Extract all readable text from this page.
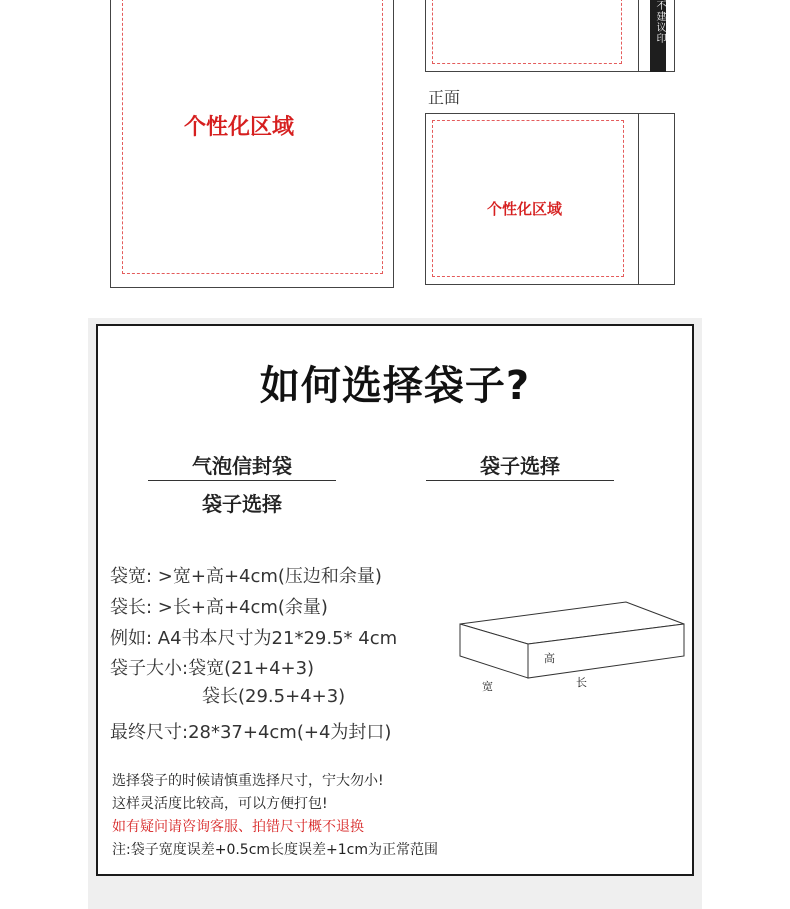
个性化区域
不建议印
正面
个性化区域
如何选择袋子?
气泡信封袋
袋子选择
袋子选择
袋宽: >宽+高+4cm(压边和余量)
袋长: >长+高+4cm(余量)
例如: A4书本尺寸为21*29.5* 4cm
袋子大小:袋宽(21+4+3)
袋长(29.5+4+3)
最终尺寸:28*37+4cm(+4为封口)
高
宽	长
选择袋子的时候请慎重选择尺寸，宁大勿小!
这样灵活度比较高，可以方便打包!
如有疑问请咨询客服、拍错尺寸概不退换
注:袋子宽度误差+0.5cm长度误差+1cm为正常范围
